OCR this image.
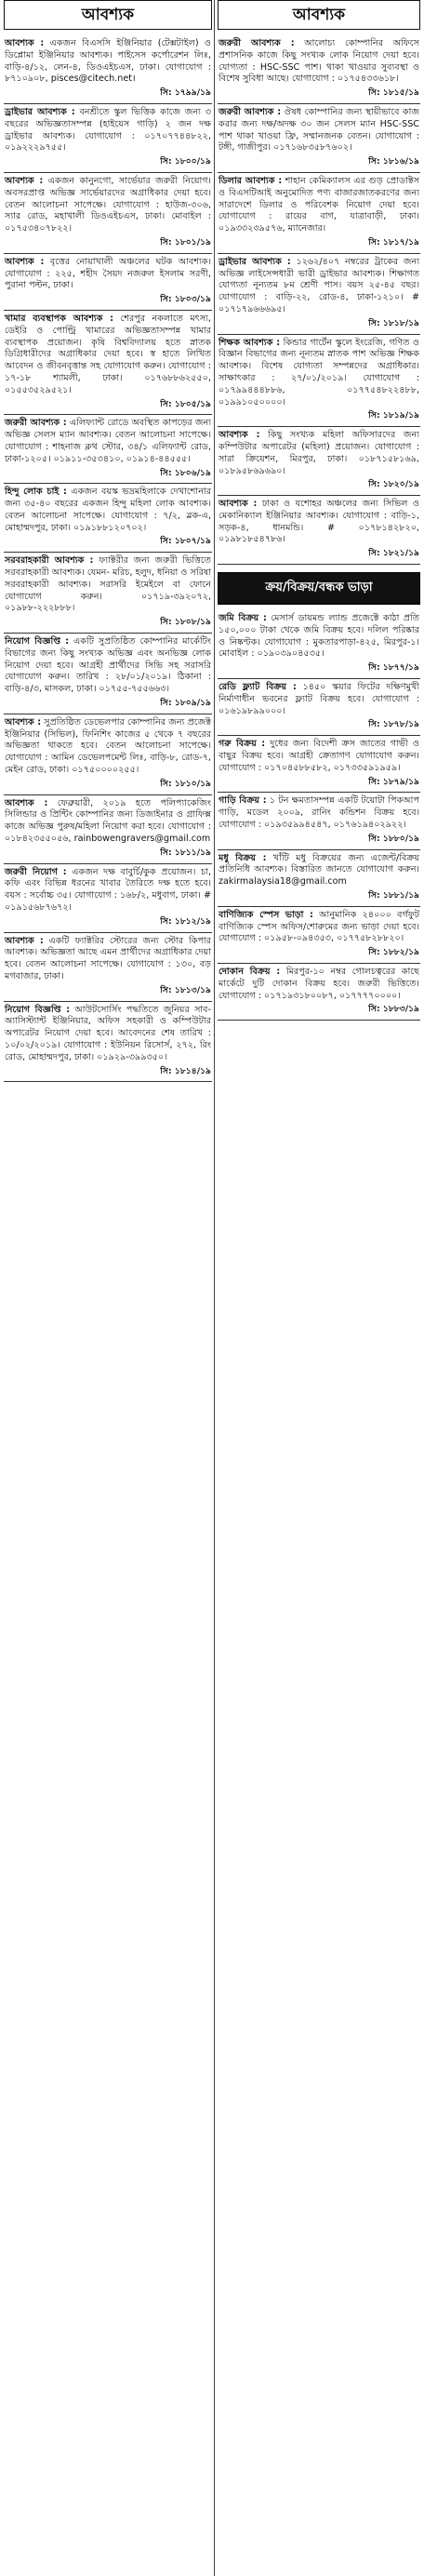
আবশ্যক
আবশ্যক : একজন বিএসসি ইঞ্জিনিয়ার (টেক্সটাইল) ও ডিপ্লোমা ইঞ্জিনিয়ার আবশ্যক। পাইসেস কর্পোরেশন লিঃ, বাড়ি-৪/১২, লেন-৪, ডিওএইচএস, ঢাকা। যোগাযোগ : ৮৭১০৯০৮, pisces@citech.net।
সি: ১৭৯৯/১৯
ড্রাইভার আবশ্যক : বনশ্রীতে স্কুল ভিত্তিক কাজে জন্য ৩ বছরের অভিজ্ঞতাসম্পন্ন (হাইয়েস গাড়ি) ২ জন দক্ষ ড্রাইভার আবশ্যক। যোগাযোগ : ০১৭০৭৭৪৪৮২২, ০১৯২২২৯৭৫৫।
সি: ১৮০০/১৯
আবশ্যক : একজন কানুনগো, সার্ভেয়ার জরুরী নিয়োগ। অবসরপ্রাপ্ত অভিজ্ঞ সার্ভেয়ারদের অগ্রাধিকার দেয়া হবে। বেতন আলোচনা সাপেক্ষে। যোগাযোগ : হাউজ-৩০৬, স্যার রোড, মহাখালী ডিওএইচএস, ঢাকা। মোবাইল : ০১৭৫৩৪০৭৮২২।
সি: ১৮০১/১৯
আবশ্যক : বৃত্তের নোয়াখালী অঞ্চলের ঘটক আবশ্যক। যোগাযোগ : ২২৫, শহীদ সৈয়দ নজরুল ইসলাম সরণী, পুরানা পল্টন, ঢাকা।
সি: ১৮০৩/১৯
খামার ব্যবস্থাপক আবশ্যক : শেরপুর নকলাতে মৎস্য, ডেইরি ও পোল্ট্রি খামারের অভিজ্ঞতাসম্পন্ন খামার ব্যবস্থাপক প্রয়োজন। কৃষি বিশ্ববিদ্যালয় হতে স্নাতক ডিগ্রিধারীদের অগ্রাধিকার দেয়া হবে। স্ব হাতে লিখিত আবেদন ও জীবনবৃত্তান্ত সহ যোগাযোগ করুন। যোগাযোগ : ১৭-১৮ শ্যামলী, ঢাকা। ০১৭৬৮৮৬২৫৫০, ০১৫৫৩৫২৯৫২১।
সি: ১৮০৫/১৯
জরুরী আবশ্যক : এলিফ্যান্ট রোডে অবস্থিত কাপড়ের জন্য অভিজ্ঞ সেলস ম্যান আবশ্যক। বেতন আলোচনা সাপেক্ষে। যোগাযোগ : শাহনাজ ক্লথ স্টোর, ৩৪/১ এলিফ্যান্ট রোড, ঢাকা-১২০৫। ০১৯১১-৩৫৩৪১০, ০১৯১৪-৪৪৫৫৫।
সি: ১৮০৬/১৯
হিন্দু লোক চাই : একজন বয়স্ক ভদ্রমহিলাকে দেখাশোনার জন্য ৩৫-৪০ বছরের একজন হিন্দু মহিলা লোক আবশ্যক। বেতন আলোচনা সাপেক্ষে। যোগাযোগ : ৭/২, ব্লক-এ, মোহাম্মদপুর, ঢাকা। ০১৯১৮৮১২০৭০২।
সি: ১৮০৭/১৯
সরবরাহকারী আবশ্যক : ফ্যাক্টরীর জন্য জরুরী ভিত্তিতে সরবরাহকারী আবশ্যক। যেমন- মরিচ, হলুদ, ধনিয়া ও সরিষা সরবরাহকারী আবশ্যক। সরাসরি ইমেইলে বা ফোনে যোগাযোগ করুন। ০১৭১৯-৩৯২০৭২, ০১৯৮৮-২২২৮৮৮।
সি: ১৮০৮/১৯
নিয়োগ বিজ্ঞপ্তি : একটি সুপ্রতিষ্ঠিত কোম্পানির মার্কেটিং বিভাগের জন্য কিছু সংখ্যক অভিজ্ঞ এবং অনভিজ্ঞ লোক নিয়োগ দেয়া হবে। আগ্রহী প্রার্থীদের সিভি সহ সরাসরি যোগাযোগ করুন। তারিখ : ২৮/০১/২০১৯। ঠিকানা : বাড়ি-৪/৩, মাসকল, ঢাকা। ০১৭৫৫-৭৫৫৬৬৩।
সি: ১৮০৯/১৯
আবশ্যক : সুপ্রতিষ্ঠিত ডেভেলপার কোম্পানির জন্য প্রজেক্ট ইঞ্জিনিয়ার (সিভিল), ফিনিশিং কাজের ৫ থেকে ৭ বছরের অভিজ্ঞতা থাকতে হবে। বেতন আলোচনা সাপেক্ষে। যোগাযোগ : আমিন ডেভেলপমেন্ট লিঃ, বাড়ি-৮, রোড-৭, মেইন রোড, ঢাকা। ০১৭৫০০০০২৫৫।
সি: ১৮১০/১৯
আবশ্যক : ফেব্রুয়ারী, ২০১৯ হতে পলিপ্যাকেজিং সিলিন্ডার ও প্রিন্টিং কোম্পানির জন্য ডিজাইনার ও গ্রাফিক্স কাজে অভিজ্ঞ পুরুষ/মহিলা নিয়োগ করা হবে। যোগাযোগ : ০১৮৪২৩৫৫০৫৬, rainbowengravers@gmail.com
সি: ১৮১১/১৯
জরুরী নিয়োগ : একজন দক্ষ বাবুর্চি/কুক প্রয়োজন। চা, কফি এবং বিভিন্ন ধরনের খাবার তৈরিতে দক্ষ হতে হবে। বয়স : সর্বোচ্চ ৩৫। যোগাযোগ : ১৬৮/২, মধুবাগ, ঢাকা। # ০১৯১৫৬৮৭৬৭২।
সি: ১৮১২/১৯
আবশ্যক : একটি ফ্যাক্টরির স্টোরের জন্য স্টোর কিপার আবশ্যক। অভিজ্ঞতা আছে এমন প্রার্থীদের অগ্রাধিকার দেয়া হবে। বেতন আলোচনা সাপেক্ষে। যোগাযোগ : ১৩০, বড় মগবাজার, ঢাকা।
সি: ১৮১৩/১৯
নিয়োগ বিজ্ঞপ্তি : আউটসোর্সিং পদ্ধতিতে জুনিয়র সাব-অ্যাসিস্ট্যান্ট ইঞ্জিনিয়ার, অফিস সহকারী ও কম্পিউটার অপারেটর নিয়োগ দেয়া হবে। আবেদনের শেষ তারিখ : ১০/০২/২০১৯। যোগাযোগ : ইউনিয়ন রিসোর্স, ২৭২, রিং রোড, মোহাম্মদপুর, ঢাকা। ০১৯২৯-৩৯৯৩৫০।
সি: ১৮১৪/১৯
আবশ্যক
জরুরী আবশ্যক : আলোচ্য কোম্পানির অফিসে প্রশাসনিক কাজে কিছু সংখ্যক লোক নিয়োগ দেয়া হবে। যোগ্যতা : HSC-SSC পাশ। থাকা খাওয়ার সুব্যবস্থা ও বিশেষ সুবিধা আছে। যোগাযোগ : ০১৭৫৪৩৩৬১৮।
সি: ১৮১৫/১৯
জরুরী আবশ্যক : ঔষধ কোম্পানির জন্য স্থায়ীভাবে কাজ করার জন্য দক্ষ/অদক্ষ ৩০ জন সেলস ম্যান HSC-SSC পাশ থাকা খাওয়া ফ্রি, সম্মানজনক বেতন। যোগাযোগ : টঙ্গী, গাজীপুর। ০১৭১৬৮৩৫৮৭৬০২।
সি: ১৮১৬/১৯
ডিলার আবশ্যক : শাহান কেমিক্যালস এর গুড় প্রোডাক্টস ও বিএসটিআই অনুমোদিত পণ্য বাজারজাতকরণের জন্য সারাদেশে ডিলার ও পরিবেশক নিয়োগ দেয়া হবে। যোগাযোগ : রায়ের বাগ, যাত্রাবাড়ী, ঢাকা। ০১৯৩৩২৩৯৫৭৬, ম্যানেজার।
সি: ১৮১৭/১৯
ড্রাইভার আবশ্যক : ১২৬২/৪০৭ নম্বরের ট্রাকের জন্য অভিজ্ঞ লাইসেন্সধারী ভারী ড্রাইভার আবশ্যক। শিক্ষাগত যোগ্যতা নূন্যতম ৮ম শ্রেণী পাস। বয়স ২৫-৪৫ বছর। যোগাযোগ : বাড়ি-২২, রোড-৪, ঢাকা-১২১০। # ০১৭১৭৯৬৬৬৯৫।
সি: ১৮১৮/১৯
শিক্ষক আবশ্যক : কিন্ডার গার্টেন স্কুলে ইংরেজি, গণিত ও বিজ্ঞান বিভাগের জন্য নূন্যতম স্নাতক পাশ অভিজ্ঞ শিক্ষক আবশ্যক। বিশেষ যোগ্যতা সম্পন্নদের অগ্রাধিকার। সাক্ষাৎকার : ২৭/০১/২০১৯। যোগাযোগ : ০১৭৯৯৪৪৪৮৮৬, ০১৭৭৫৪৮২২৪৮৮, ০১৯৯১০৫০০০০।
সি: ১৮১৯/১৯
আবশ্যক : কিছু সংখ্যক মহিলা অফিসারদের জন্য কম্পিউটার অপারেটর (মহিলা) প্রয়োজন। যোগাযোগ : সারা ক্রিয়েশন, মিরপুর, ঢাকা। ০১৮৭১৫৮১৬৯, ০১৮৯৫৮৬৯৬৯০।
সি: ১৮২০/১৯
আবশ্যক : ঢাকা ও যশোহর অঞ্চলের জন্য সিভিল ও মেকানিক্যাল ইঞ্জিনিয়ার আবশ্যক। যোগাযোগ : বাড়ি-১, সড়ক-৪, ধানমন্ডি। # ০১৭৮১৪২৮২০, ০১৯৮১৮৫৪৭৮৬।
সি: ১৮২১/১৯
ক্রয়/বিক্রয়/বন্ধক ভাড়া
জমি বিক্রয় : মেসার্স ডায়মন্ড ল্যান্ড প্রজেক্টে কাঠা প্রতি ১৫০,০০০ টাকা থেকে জমি বিক্রয় হবে। দলিল পরিষ্কার ও নিষ্কণ্টক। যোগাযোগ : মুকতারপাড়া-৪২৫, মিরপুর-১। মোবাইল : ০১৯০৩৯০৪৫৩৫।
সি: ১৮৭৭/১৯
রেডি ফ্ল্যাট বিক্রয় : ১৪৫০ স্কয়ার ফিটের দক্ষিণমুখী নির্মাণাধীন ভবনের ফ্ল্যাট বিক্রয় হবে। যোগাযোগ : ০১৬১৯৮৯৯০০০।
সি: ১৮৭৮/১৯
গরু বিক্রয় : দুধের জন্য বিদেশী ক্রস জাতের গাভী ও বাছুর বিক্রয় হবে। আগ্রহী ক্রেতাগণ যোগাযোগ করুন। যোগাযোগ : ০১৭০৪৫৮৮৫৮২, ০১৭৩৩৫৯১৯৫৯।
সি: ১৮৭৯/১৯
গাড়ি বিক্রয় : ১ টন ক্ষমতাসম্পন্ন একটি টয়োটা পিকআপ গাড়ি, মডেল ২০০৯, রানিং কন্ডিশন বিক্রয় হবে। যোগাযোগ : ০১৯৩৫৯৯৪৫৪৭, ০১৭৬১৯৪০২৯২২।
সি: ১৮৮০/১৯
মধু বিক্রয় : খাঁটি মধু বিক্রয়ের জন্য এজেন্ট/বিক্রয় প্রতিনিধি আবশ্যক। বিস্তারিত জানতে যোগাযোগ করুন। zakirmalaysia18@gmail.com
সি: ১৮৮১/১৯
বাণিজ্যিক স্পেস ভাড়া : আনুমানিক ২৪০০০ বর্গফুট বাণিজ্যিক স্পেস অফিস/শোরুমের জন্য ভাড়া দেয়া হবে। যোগাযোগ : ০১৯৫৮-০৯৪৩৫৩, ০১৭৭৫৮২৮৮২০।
সি: ১৮৮২/১৯
দোকান বিক্রয় : মিরপুর-১০ নম্বর গোলচত্বরের কাছে মার্কেটে দুটি দোকান বিক্রয় হবে। জরুরী ভিত্তিতে। যোগাযোগ : ০১৭১৯৩১৮০০৮৭, ০১৭৭৭৭০০০০।
সি: ১৮৮৩/১৯
